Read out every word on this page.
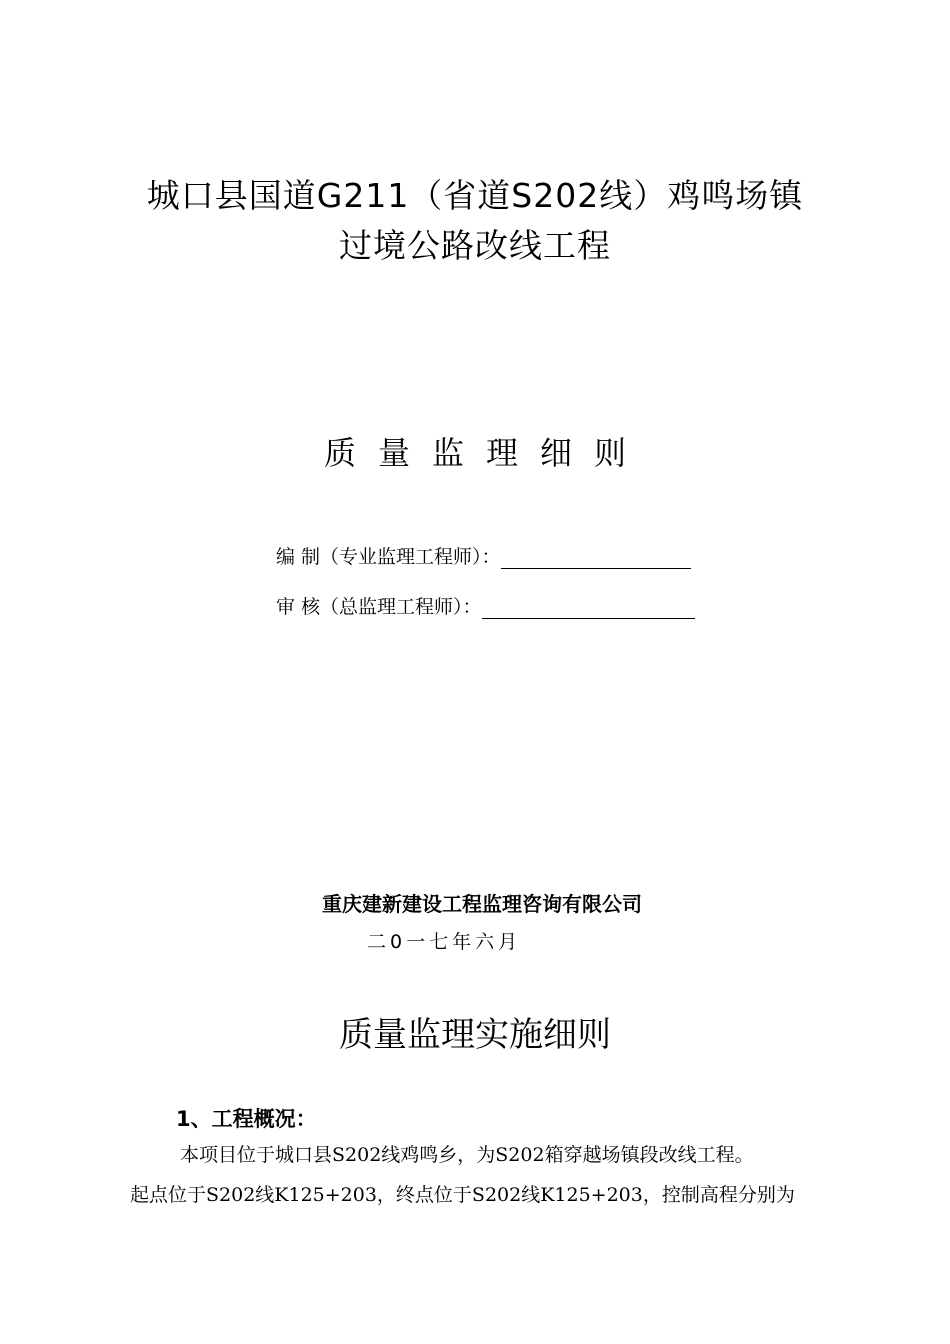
城口县国道G211（省道S202线）鸡鸣场镇
过境公路改线工程
质量监理细则
编 制（专业监理工程师）：
审 核（总监理工程师）：
重庆建新建设工程监理咨询有限公司
二0一七年六月
质量监理实施细则
1、工程概况：
本项目位于城口县S202线鸡鸣乡，为S202箱穿越场镇段改线工程。
起点位于S202线K125+203，终点位于S202线K125+203，控制高程分别为
